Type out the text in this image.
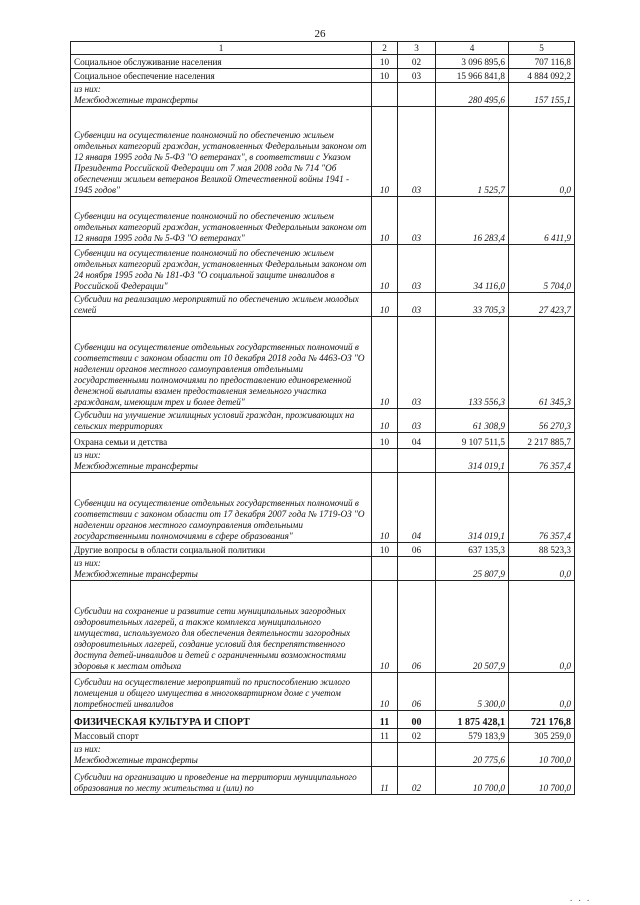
26
1	2	3	4	5
Социальное обслуживание населения	10	02	3 096 895,6	707 116,8
Социальное обеспечение населения	10	03	15 966 841,8	4 884 092,2
из них:
Межбюджетные трансферты			280 495,6	157 155,1
Субвенции на осуществление полномочий по обеспечению жильем отдельных категорий граждан, установленных Федеральным законом от 12 января 1995 года № 5-ФЗ "О ветеранах", в соответствии с Указом Президента Российской Федерации от 7 мая 2008 года № 714 "Об обеспечении жильем ветеранов Великой Отечественной войны 1941 - 1945 годов"	10	03	1 525,7	0,0
Субвенции на осуществление полномочий по обеспечению жильем отдельных категорий граждан, установленных Федеральным законом от 12 января 1995 года № 5-ФЗ "О ветеранах"	10	03	16 283,4	6 411,9
Субвенции на осуществление полномочий по обеспечению жильем отдельных категорий граждан, установленных Федеральным законом от 24 ноября 1995 года № 181-ФЗ "О социальной защите инвалидов в Российской Федерации"	10	03	34 116,0	5 704,0
Субсидии на реализацию мероприятий по обеспечению жильем молодых семей	10	03	33 705,3	27 423,7
Субвенции на осуществление отдельных государственных полномочий в соответствии с законом области от 10 декабря 2018 года № 4463-ОЗ "О наделении органов местного самоуправления отдельными государственными полномочиями по предоставлению единовременной денежной выплаты взамен предоставления земельного участка гражданам, имеющим трех и более детей"	10	03	133 556,3	61 345,3
Субсидии на улучшение жилищных условий граждан, проживающих на сельских территориях	10	03	61 308,9	56 270,3
Охрана семьи и детства	10	04	9 107 511,5	2 217 885,7
из них:
Межбюджетные трансферты			314 019,1	76 357,4
Субвенции на осуществление отдельных государственных полномочий в соответствии с законом области от 17 декабря 2007 года № 1719-ОЗ "О наделении органов местного самоуправления отдельными государственными полномочиями в сфере образования"	10	04	314 019,1	76 357,4
Другие вопросы в области социальной политики	10	06	637 135,3	88 523,3
из них:
Межбюджетные трансферты			25 807,9	0,0
Субсидии на сохранение и развитие сети муниципальных загородных оздоровительных лагерей, а также комплекса муниципального имущества, используемого для обеспечения деятельности загородных оздоровительных лагерей, создание условий для беспрепятственного доступа детей-инвалидов и детей с ограниченными возможностями здоровья к местам отдыха	10	06	20 507,9	0,0
Субсидии на осуществление мероприятий по приспособлению жилого помещения и общего имущества в многоквартирном доме с учетом потребностей инвалидов	10	06	5 300,0	0,0
ФИЗИЧЕСКАЯ КУЛЬТУРА И СПОРТ	11	00	1 875 428,1	721 176,8
Массовый спорт	11	02	579 183,9	305 259,0
из них:
Межбюджетные трансферты			20 775,6	10 700,0
Субсидии на организацию и проведение на территории муниципального образования по месту жительства и (или) по	11	02	10 700,0	10 700,0
. . .
